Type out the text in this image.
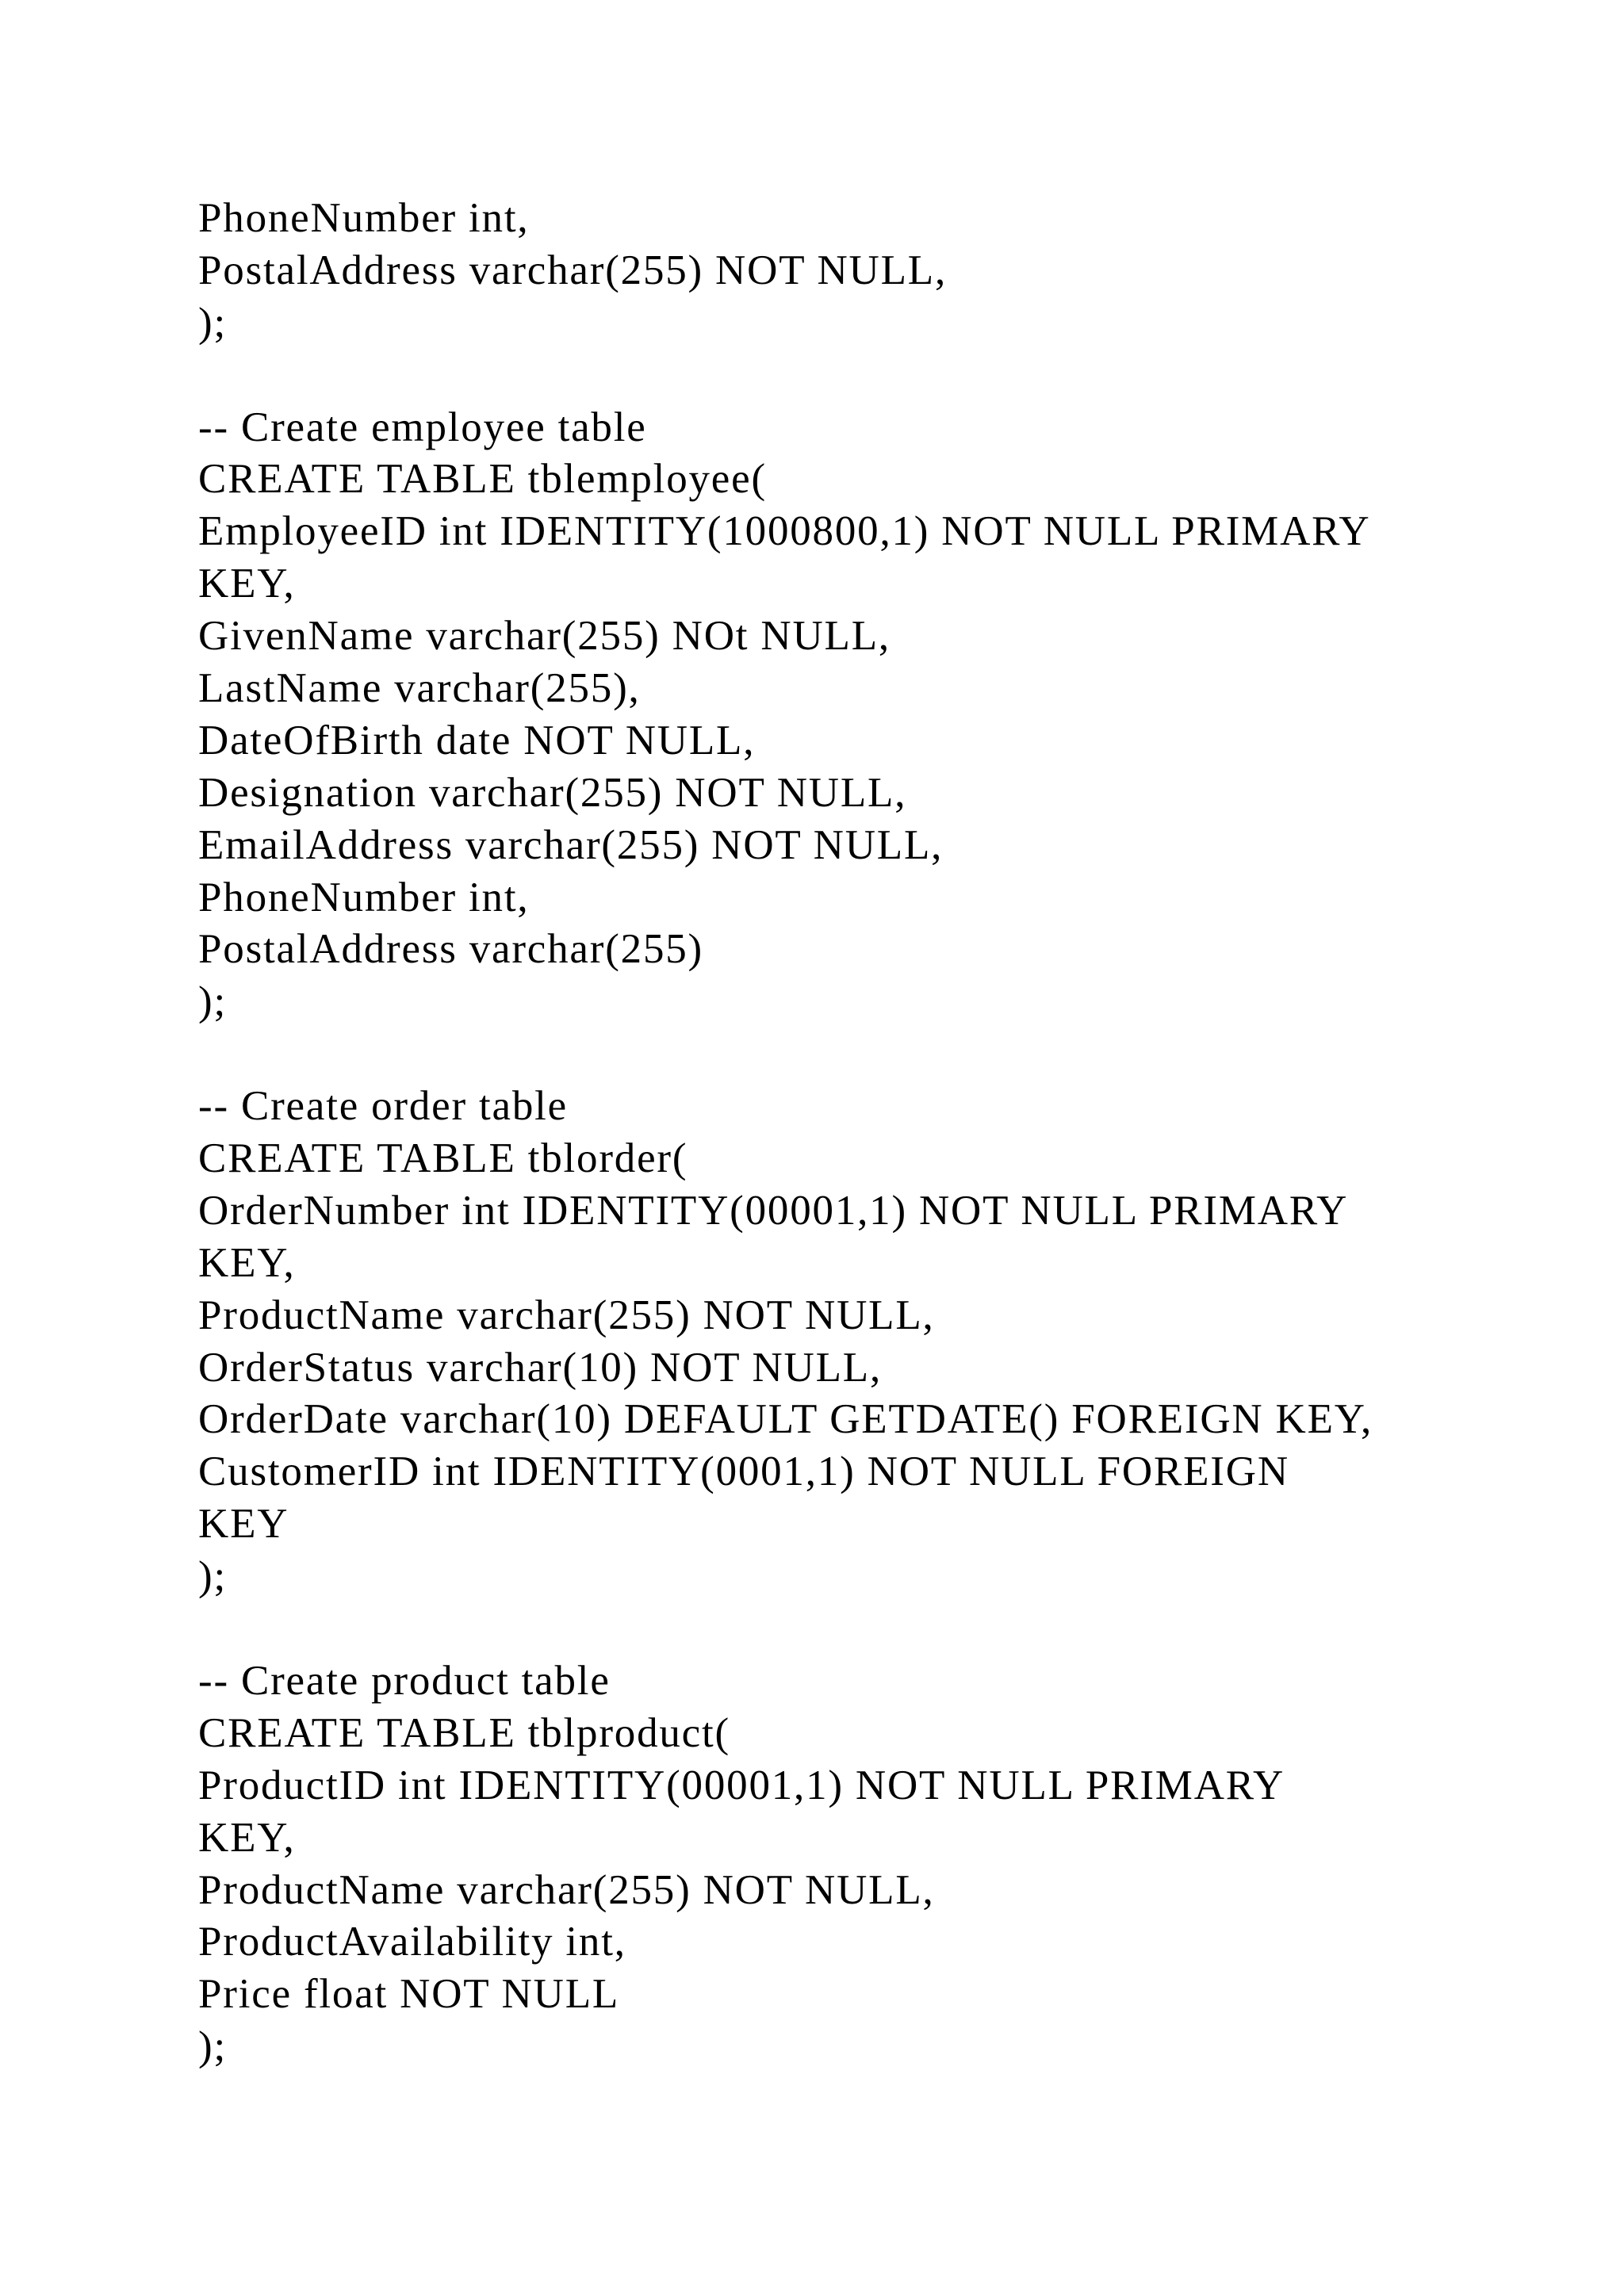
PhoneNumber int,
PostalAddress varchar(255) NOT NULL,
);
-- Create employee table
CREATE TABLE tblemployee(
EmployeeID int IDENTITY(1000800,1) NOT NULL PRIMARY
KEY,
GivenName varchar(255) NOt NULL,
LastName varchar(255),
DateOfBirth date NOT NULL,
Designation varchar(255) NOT NULL,
EmailAddress varchar(255) NOT NULL,
PhoneNumber int,
PostalAddress varchar(255)
);
-- Create order table
CREATE TABLE tblorder(
OrderNumber int IDENTITY(00001,1) NOT NULL PRIMARY
KEY,
ProductName varchar(255) NOT NULL,
OrderStatus varchar(10) NOT NULL,
OrderDate varchar(10) DEFAULT GETDATE() FOREIGN KEY,
CustomerID int IDENTITY(0001,1) NOT NULL FOREIGN
KEY
);
-- Create product table
CREATE TABLE tblproduct(
ProductID int IDENTITY(00001,1) NOT NULL PRIMARY
KEY,
ProductName varchar(255) NOT NULL,
ProductAvailability int,
Price float NOT NULL
);
